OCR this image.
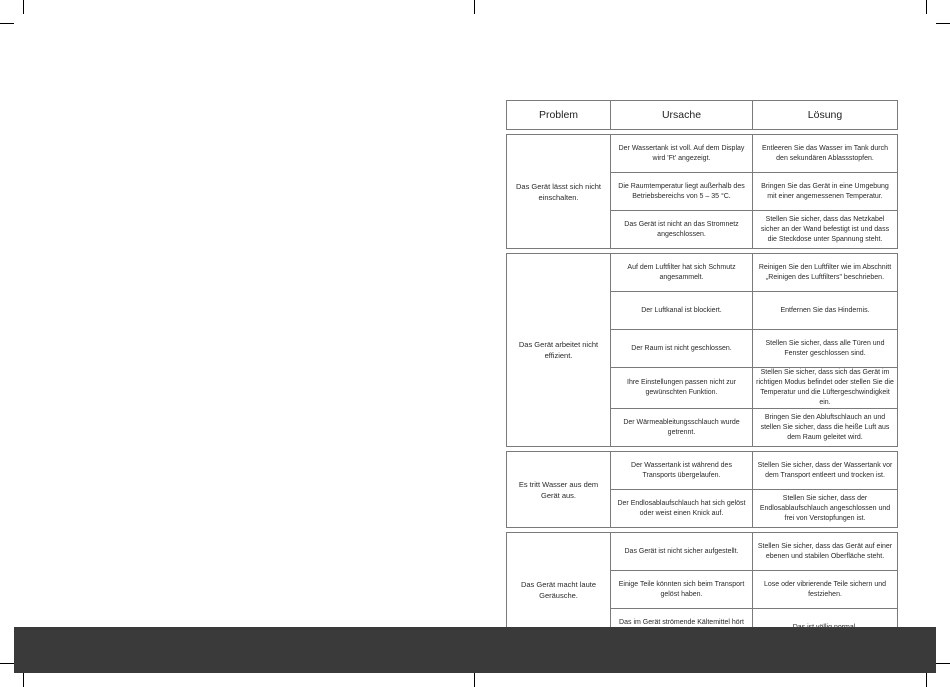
Problem	Ursache	Lösung

Das Gerät lässt sich nicht einschalten.	Der Wassertank ist voll. Auf dem Display wird 'Ft' angezeigt.	Entleeren Sie das Wasser im Tank durch den sekundären Ablassstopfen.
	Die Raumtemperatur liegt außerhalb des Betriebsbereichs von 5 – 35 °C.	Bringen Sie das Gerät in eine Umgebung mit einer angemessenen Temperatur.
	Das Gerät ist nicht an das Stromnetz angeschlossen.	Stellen Sie sicher, dass das Netzkabel sicher an der Wand befestigt ist und dass die Steckdose unter Spannung steht.

Das Gerät arbeitet nicht effizient.	Auf dem Luftfilter hat sich Schmutz angesammelt.	Reinigen Sie den Luftfilter wie im Abschnitt „Reinigen des Luftfilters" beschrieben.
	Der Luftkanal ist blockiert.	Entfernen Sie das Hindernis.
	Der Raum ist nicht geschlossen.	Stellen Sie sicher, dass alle Türen und Fenster geschlossen sind.
	Ihre Einstellungen passen nicht zur gewünschten Funktion.	Stellen Sie sicher, dass sich das Gerät im richtigen Modus befindet oder stellen Sie die Temperatur und die Lüftergeschwindigkeit ein.
	Der Wärmeableitungsschlauch wurde getrennt.	Bringen Sie den Abluftschlauch an und stellen Sie sicher, dass die heiße Luft aus dem Raum geleitet wird.

Es tritt Wasser aus dem Gerät aus.	Der Wassertank ist während des Transports übergelaufen.	Stellen Sie sicher, dass der Wassertank vor dem Transport entleert und trocken ist.
	Der Endlosablaufschlauch hat sich gelöst oder weist einen Knick auf.	Stellen Sie sicher, dass der Endlosablaufschlauch angeschlossen und frei von Verstopfungen ist.

Das Gerät macht laute Geräusche.	Das Gerät ist nicht sicher aufgestellt.	Stellen Sie sicher, dass das Gerät auf einer ebenen und stabilen Oberfläche steht.
	Einige Teile könnten sich beim Transport gelöst haben.	Lose oder vibrierende Teile sichern und festziehen.
	Das im Gerät strömende Kältemittel hört	
